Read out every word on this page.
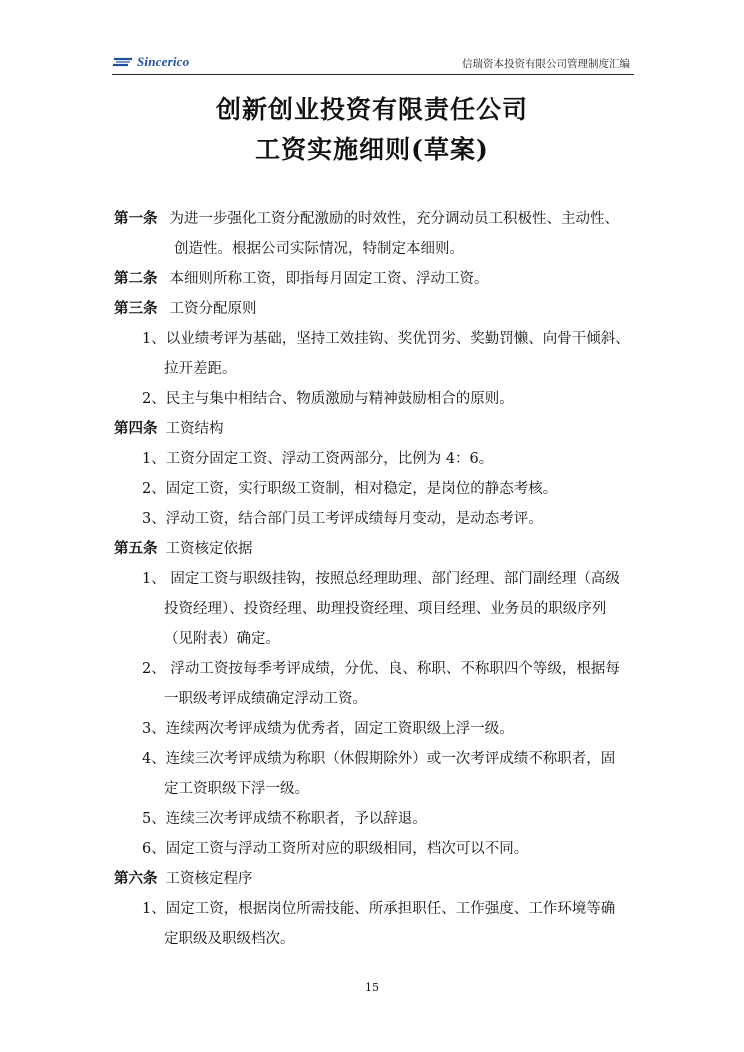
Sincerico	信瑞资本投资有限公司管理制度汇编
创新创业投资有限责任公司
工资实施细则(草案)
第一条 为进一步强化工资分配激励的时效性，充分调动员工积极性、主动性、
创造性。根据公司实际情况，特制定本细则。
第二条 本细则所称工资，即指每月固定工资、浮动工资。
第三条 工资分配原则
1、以业绩考评为基础，坚持工效挂钩、奖优罚劣、奖勤罚懒、向骨干倾斜、
拉开差距。
2、民主与集中相结合、物质激励与精神鼓励相合的原则。
第四条 工资结构
1、工资分固定工资、浮动工资两部分，比例为 4：6。
2、固定工资，实行职级工资制，相对稳定，是岗位的静态考核。
3、浮动工资，结合部门员工考评成绩每月变动，是动态考评。
第五条 工资核定依据
1、 固定工资与职级挂钩，按照总经理助理、部门经理、部门副经理（高级
投资经理）、投资经理、助理投资经理、项目经理、业务员的职级序列
（见附表）确定。
2、 浮动工资按每季考评成绩，分优、良、称职、不称职四个等级，根据每
一职级考评成绩确定浮动工资。
3、连续两次考评成绩为优秀者，固定工资职级上浮一级。
4、连续三次考评成绩为称职（休假期除外）或一次考评成绩不称职者，固
定工资职级下浮一级。
5、连续三次考评成绩不称职者，予以辞退。
6、固定工资与浮动工资所对应的职级相同，档次可以不同。
第六条 工资核定程序
1、固定工资，根据岗位所需技能、所承担职任、工作强度、工作环境等确
定职级及职级档次。
15
